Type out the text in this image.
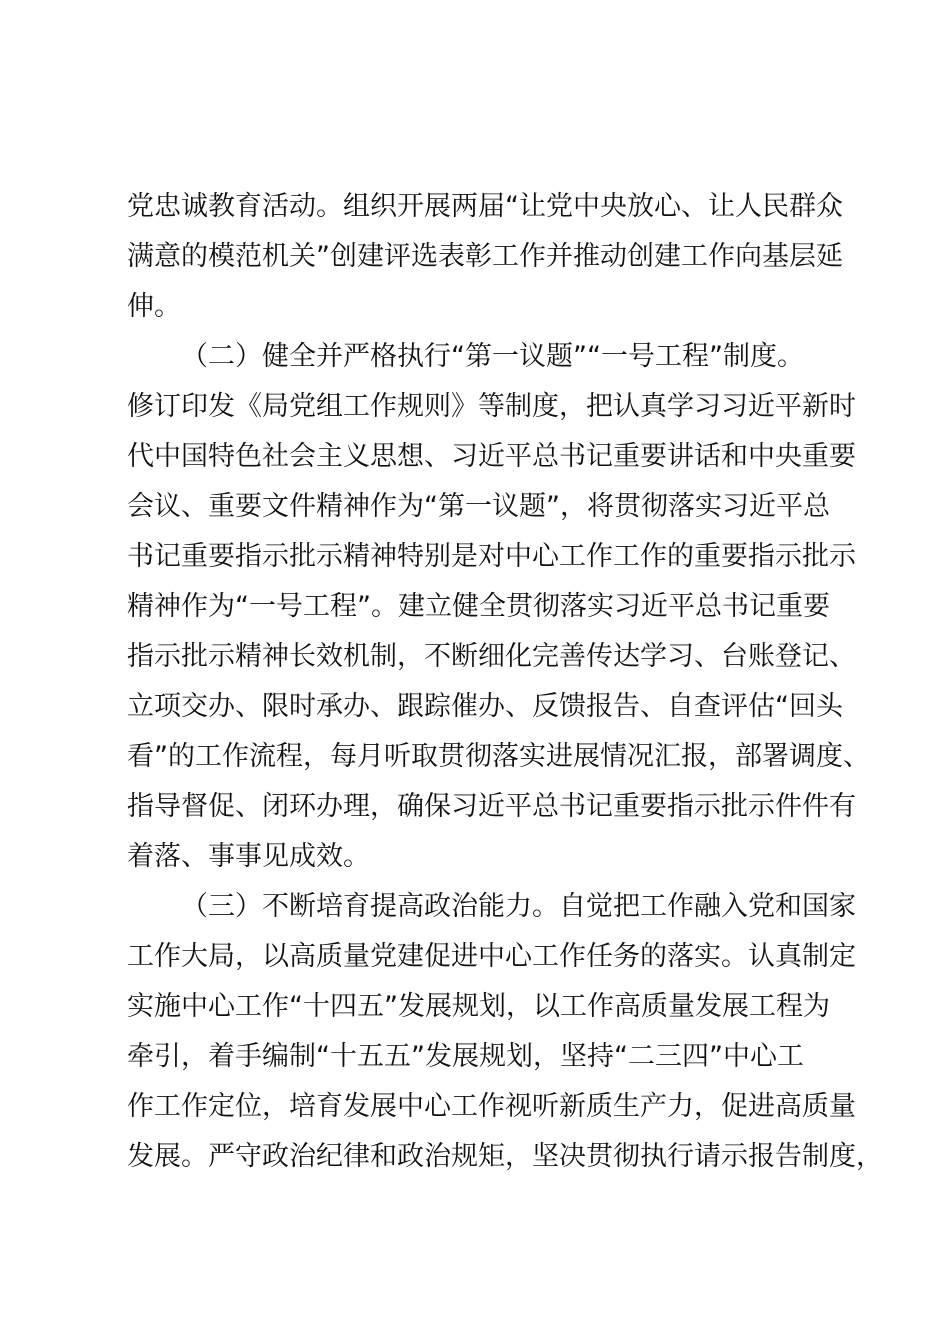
党忠诚教育活动。组织开展两届“让党中央放心、让人民群众
满意的模范机关”创建评选表彰工作并推动创建工作向基层延
伸。
（二）健全并严格执行“第一议题”“一号工程”制度。
修订印发《局党组工作规则》等制度，把认真学习习近平新时
代中国特色社会主义思想、习近平总书记重要讲话和中央重要
会议、重要文件精神作为“第一议题”，将贯彻落实习近平总
书记重要指示批示精神特别是对中心工作工作的重要指示批示
精神作为“一号工程”。建立健全贯彻落实习近平总书记重要
指示批示精神长效机制，不断细化完善传达学习、台账登记、
立项交办、限时承办、跟踪催办、反馈报告、自查评估“回头
看”的工作流程，每月听取贯彻落实进展情况汇报，部署调度、
指导督促、闭环办理，确保习近平总书记重要指示批示件件有
着落、事事见成效。
（三）不断培育提高政治能力。自觉把工作融入党和国家
工作大局，以高质量党建促进中心工作任务的落实。认真制定
实施中心工作“十四五”发展规划，以工作高质量发展工程为
牵引，着手编制“十五五”发展规划，坚持“二三四”中心工
作工作定位，培育发展中心工作视听新质生产力，促进高质量
发展。严守政治纪律和政治规矩，坚决贯彻执行请示报告制度，
